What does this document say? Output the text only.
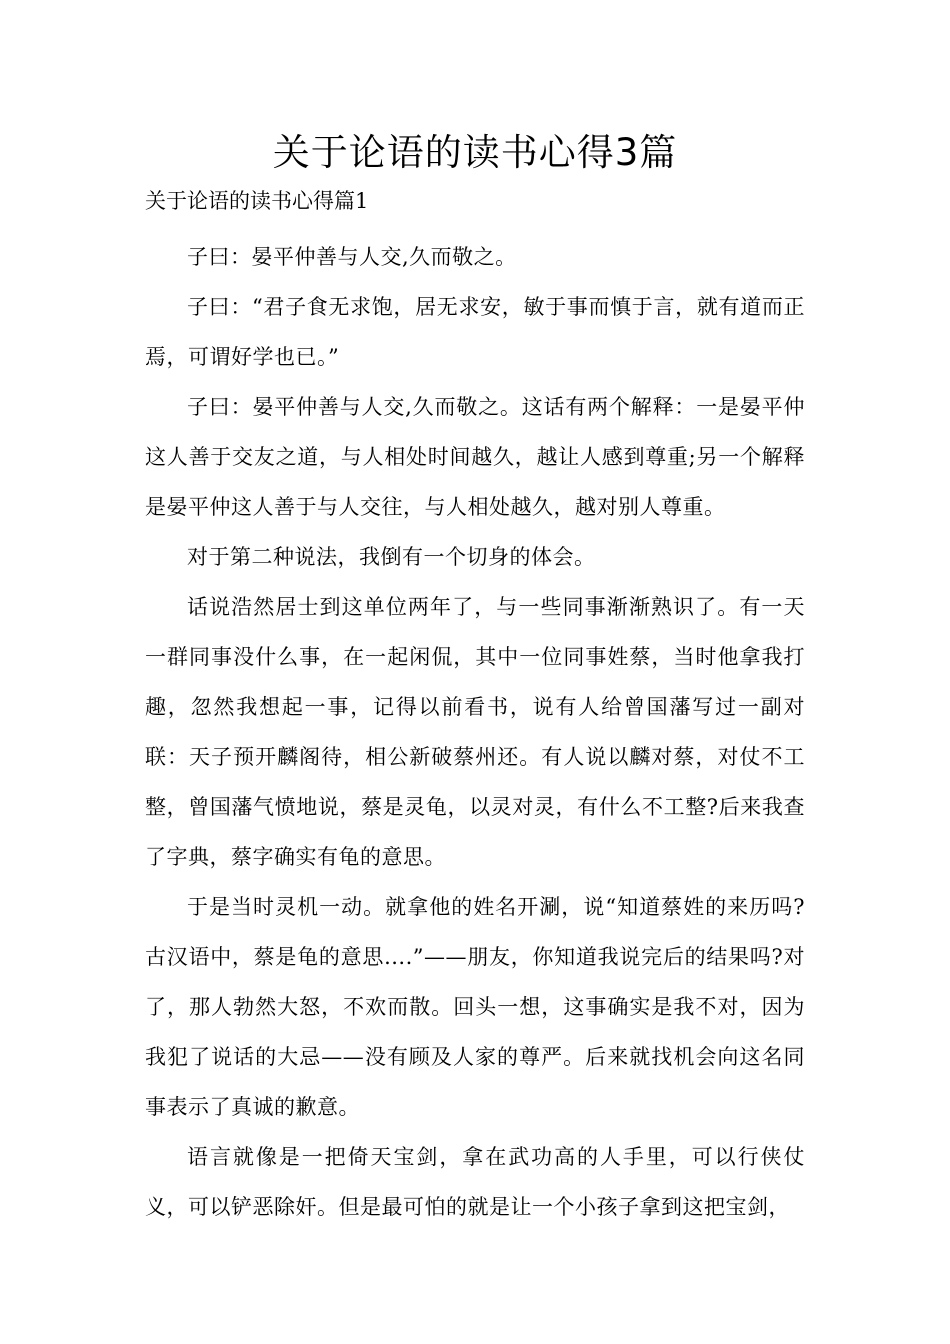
关于论语的读书心得3篇
关于论语的读书心得篇1

子曰：晏平仲善与人交,久而敬之。

子曰：“君子食无求饱，居无求安，敏于事而慎于言，就有道而正焉，可谓好学也已。”

子曰：晏平仲善与人交,久而敬之。这话有两个解释：一是晏平仲这人善于交友之道，与人相处时间越久，越让人感到尊重;另一个解释是晏平仲这人善于与人交往，与人相处越久，越对别人尊重。

对于第二种说法，我倒有一个切身的体会。

话说浩然居士到这单位两年了，与一些同事渐渐熟识了。有一天一群同事没什么事，在一起闲侃，其中一位同事姓蔡，当时他拿我打趣，忽然我想起一事，记得以前看书，说有人给曾国藩写过一副对联：天子预开麟阁待，相公新破蔡州还。有人说以麟对蔡，对仗不工整，曾国藩气愤地说，蔡是灵龟，以灵对灵，有什么不工整?后来我查了字典，蔡字确实有龟的意思。

于是当时灵机一动。就拿他的姓名开涮，说“知道蔡姓的来历吗?古汉语中，蔡是龟的意思....”——朋友，你知道我说完后的结果吗?对了，那人勃然大怒，不欢而散。回头一想，这事确实是我不对，因为我犯了说话的大忌——没有顾及人家的尊严。后来就找机会向这名同事表示了真诚的歉意。

语言就像是一把倚天宝剑，拿在武功高的人手里，可以行侠仗义，可以铲恶除奸。但是最可怕的就是让一个小孩子拿到这把宝剑，
